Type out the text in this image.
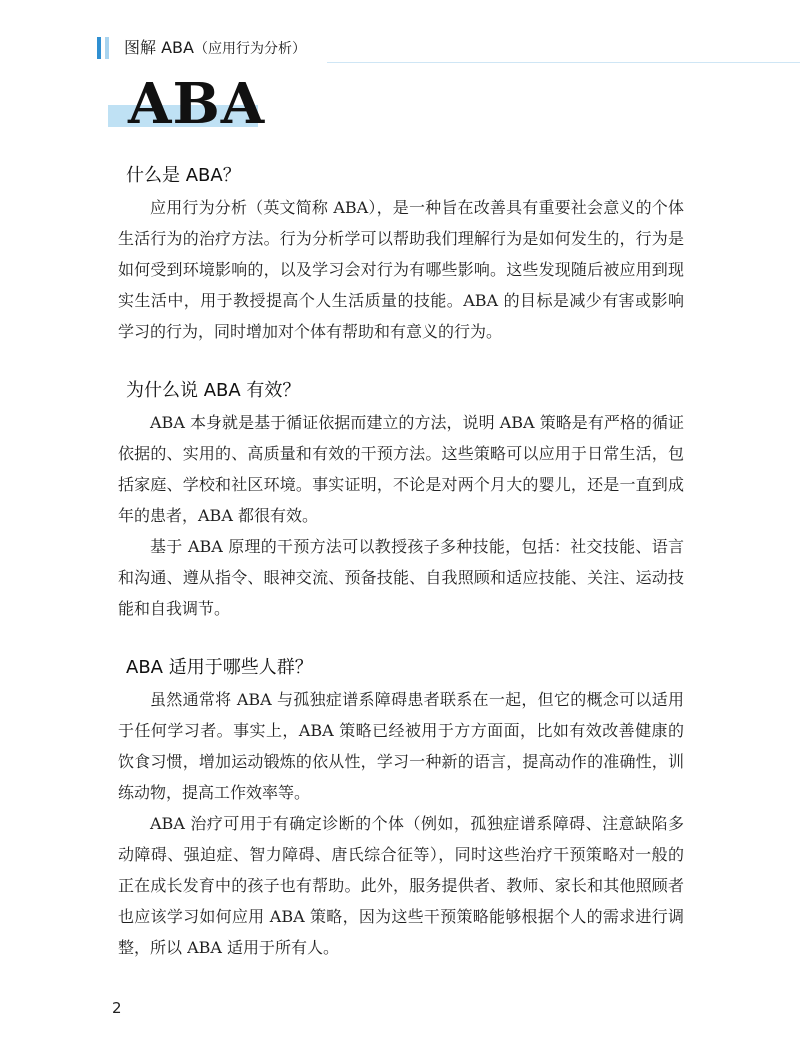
图解 ABA（应用行为分析）
ABA
什么是 ABA？

应用行为分析（英文简称 ABA），是一种旨在改善具有重要社会意义的个体生活行为的治疗方法。行为分析学可以帮助我们理解行为是如何发生的，行为是如何受到环境影响的，以及学习会对行为有哪些影响。这些发现随后被应用到现实生活中，用于教授提高个人生活质量的技能。ABA 的目标是减少有害或影响学习的行为，同时增加对个体有帮助和有意义的行为。

为什么说 ABA 有效？

ABA 本身就是基于循证依据而建立的方法，说明 ABA 策略是有严格的循证依据的、实用的、高质量和有效的干预方法。这些策略可以应用于日常生活，包括家庭、学校和社区环境。事实证明，不论是对两个月大的婴儿，还是一直到成年的患者，ABA 都很有效。

基于 ABA 原理的干预方法可以教授孩子多种技能，包括：社交技能、语言和沟通、遵从指令、眼神交流、预备技能、自我照顾和适应技能、关注、运动技能和自我调节。

ABA 适用于哪些人群？

虽然通常将 ABA 与孤独症谱系障碍患者联系在一起，但它的概念可以适用于任何学习者。事实上，ABA 策略已经被用于方方面面，比如有效改善健康的饮食习惯，增加运动锻炼的依从性，学习一种新的语言，提高动作的准确性，训练动物，提高工作效率等。

ABA 治疗可用于有确定诊断的个体（例如，孤独症谱系障碍、注意缺陷多动障碍、强迫症、智力障碍、唐氏综合征等），同时这些治疗干预策略对一般的正在成长发育中的孩子也有帮助。此外，服务提供者、教师、家长和其他照顾者也应该学习如何应用 ABA 策略，因为这些干预策略能够根据个人的需求进行调整，所以 ABA 适用于所有人。

2
